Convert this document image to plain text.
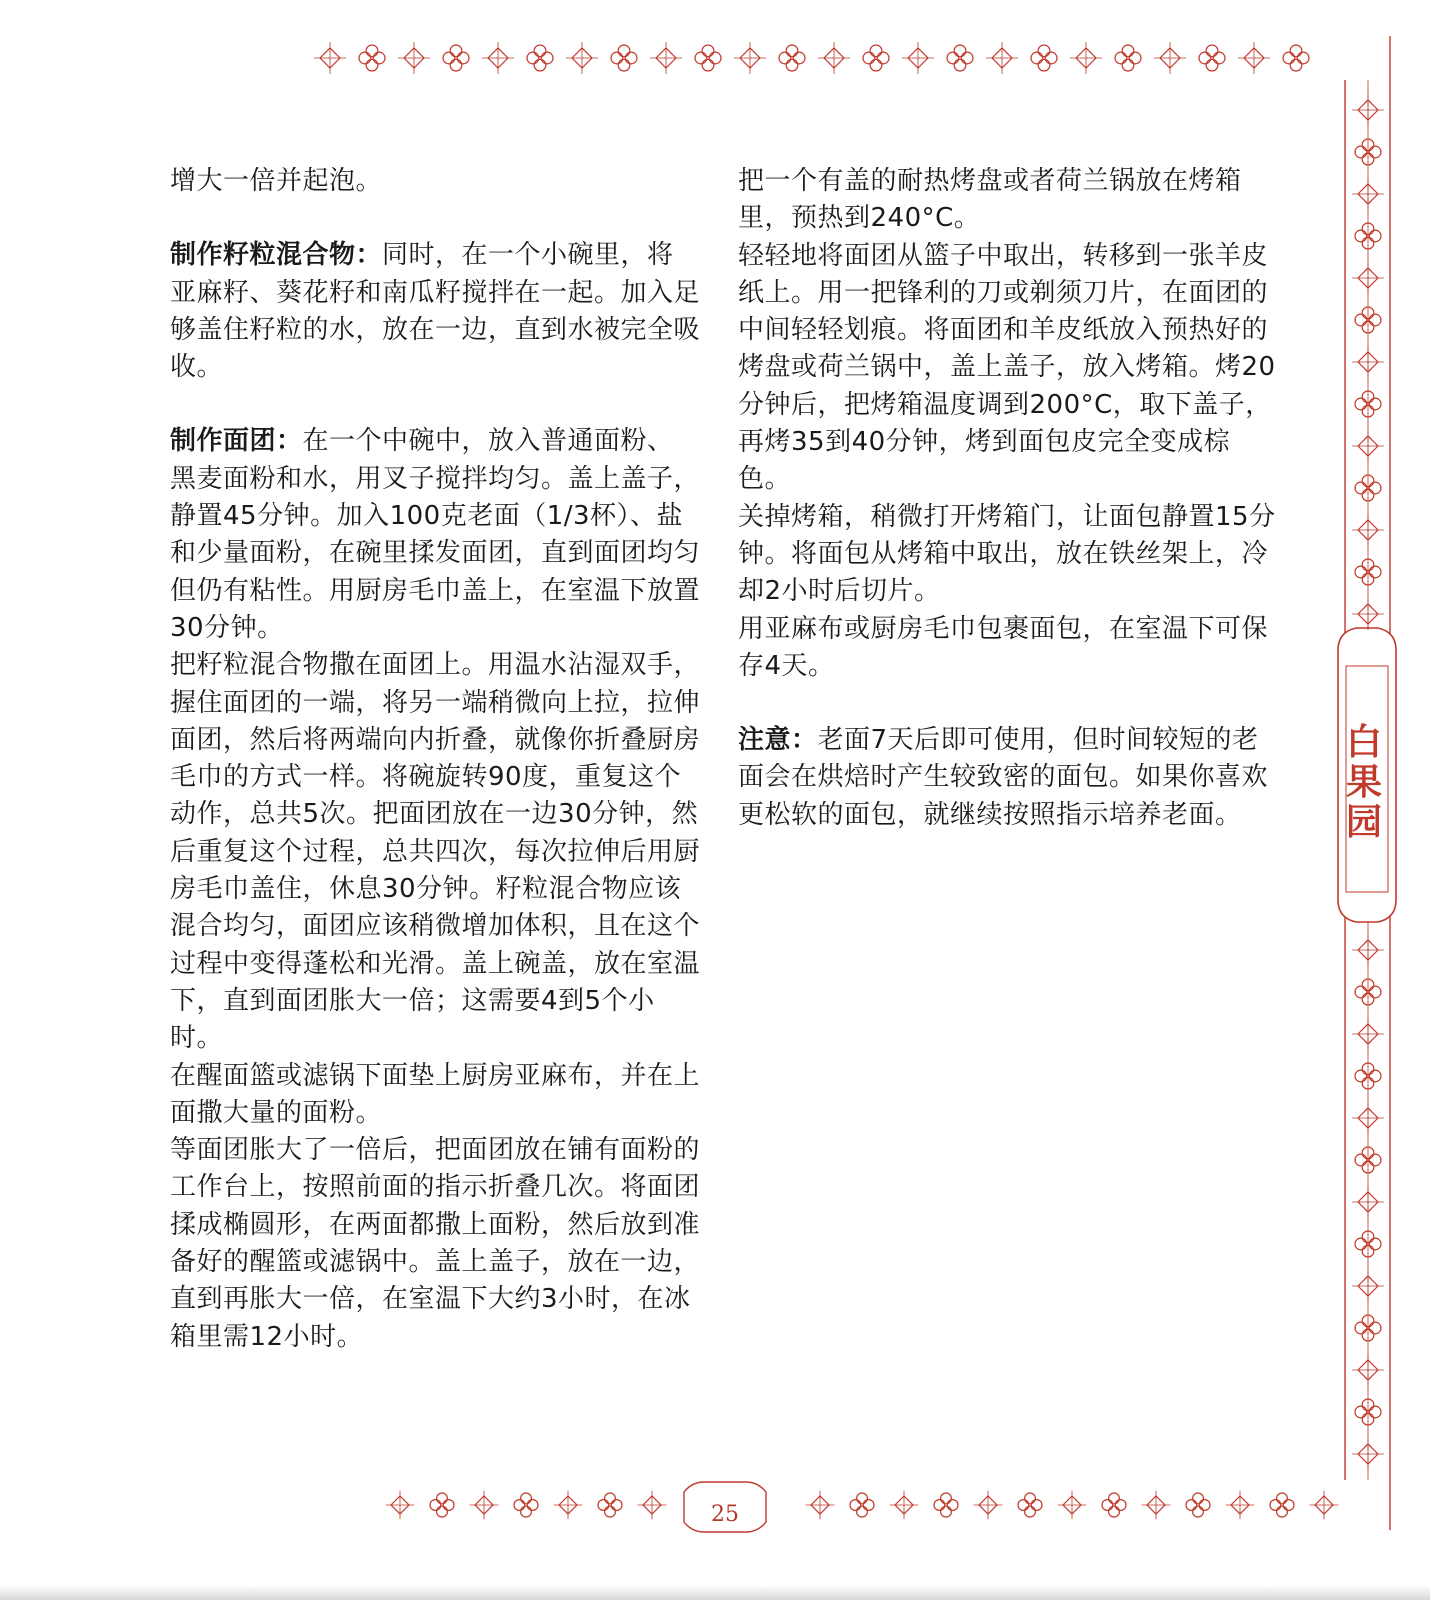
增大一倍并起泡。

制作籽粒混合物：同时，在一个小碗里，将亚麻籽、葵花籽和南瓜籽搅拌在一起。加入足够盖住籽粒的水，放在一边，直到水被完全吸收。

制作面团：在一个中碗中，放入普通面粉、黑麦面粉和水，用叉子搅拌均匀。盖上盖子，静置45分钟。加入100克老面（1/3杯）、盐和少量面粉，在碗里揉发面团，直到面团均匀但仍有粘性。用厨房毛巾盖上，在室温下放置30分钟。

把籽粒混合物撒在面团上。用温水沾湿双手，握住面团的一端，将另一端稍微向上拉，拉伸面团，然后将两端向内折叠，就像你折叠厨房毛巾的方式一样。将碗旋转90度，重复这个动作，总共5次。把面团放在一边30分钟，然后重复这个过程，总共四次，每次拉伸后用厨房毛巾盖住，休息30分钟。籽粒混合物应该混合均匀，面团应该稍微增加体积，且在这个过程中变得蓬松和光滑。盖上碗盖，放在室温下，直到面团胀大一倍；这需要4到5个小时。

在醒面篮或滤锅下面垫上厨房亚麻布，并在上面撒大量的面粉。

等面团胀大了一倍后，把面团放在铺有面粉的工作台上，按照前面的指示折叠几次。将面团揉成椭圆形，在两面都撒上面粉，然后放到准备好的醒篮或滤锅中。盖上盖子，放在一边，直到再胀大一倍，在室温下大约3小时，在冰箱里需12小时。

把一个有盖的耐热烤盘或者荷兰锅放在烤箱里，预热到240°C。

轻轻地将面团从篮子中取出，转移到一张羊皮纸上。用一把锋利的刀或剃须刀片，在面团的中间轻轻划痕。将面团和羊皮纸放入预热好的烤盘或荷兰锅中，盖上盖子，放入烤箱。烤20分钟后，把烤箱温度调到200°C，取下盖子，再烤35到40分钟，烤到面包皮完全变成棕色。

关掉烤箱，稍微打开烤箱门，让面包静置15分钟。将面包从烤箱中取出，放在铁丝架上，冷却2小时后切片。

用亚麻布或厨房毛巾包裹面包，在室温下可保存4天。

注意：老面7天后即可使用，但时间较短的老面会在烘焙时产生较致密的面包。如果你喜欢更松软的面包，就继续按照指示培养老面。

白
果
园
25
